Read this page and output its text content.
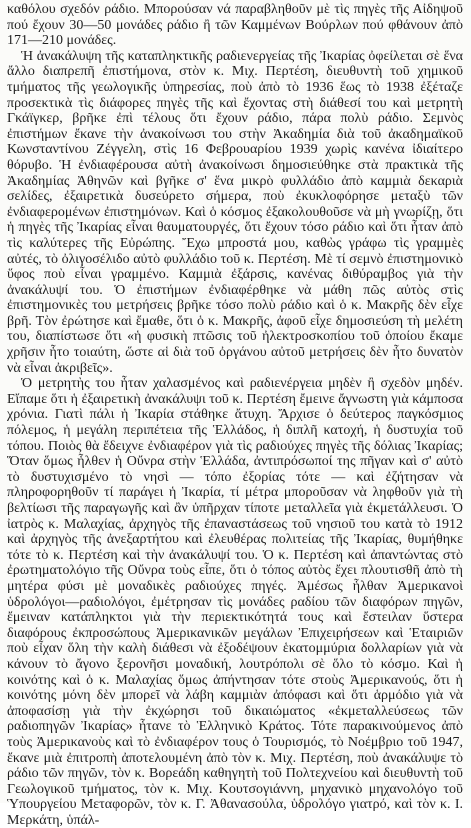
καθόλου σχεδόν ράδιο. Μπορούσαν νά παραβληθοῦν μὲ τὶς πηγὲς τῆς Αἰδηψοῦ πού ἔχουν 30—50 μονάδες ράδιο ἢ τῶν Καμμένων Βούρλων πού φθάνουν ἀπὸ 171—210 μονάδες.

Ἡ ἀνακάλυψη τῆς καταπληκτικῆς ραδιενεργείας τῆς Ἰκαρίας ὀφείλεται σὲ ἕνα ἄλλο διαπρεπῆ ἐπιστήμονα, στὸν κ. Μιχ. Περτέση, διευθυντὴ τοῦ χημικοῦ τμήματος τῆς γεωλογικῆς ὑπηρεσίας, ποὺ ἀπὸ τὸ 1936 ἕως τὸ 1938 ἐξέταζε προσεκτικὰ τὶς διάφορες πηγὲς τῆς καὶ ἔχοντας στὴ διάθεσί του καὶ μετρητὴ Γκάϊγκερ, βρῆκε ἐπὶ τέλους ὅτι ἔχουν ράδιο, πάρα πολὺ ράδιο. Σεμνὸς ἐπιστήμων ἔκανε τὴν ἀνακοίνωσι του στὴν Ἀκαδημία διὰ τοῦ ἀκαδημαϊκοῦ Κωνσταντίνου Ζέγγελη, στὶς 16 Φεβρουαρίου 1939 χωρὶς κανένα ἰδιαίτερο θόρυβο. Ἡ ἐνδιαφέρουσα αὐτὴ ἀνακοίνωσι δημοσιεύθηκε στὰ πρακτικὰ τῆς Ἀκαδημίας Ἀθηνῶν καὶ βγῆκε σ' ἕνα μικρὸ φυλλάδιο ἀπὸ καμμιὰ δεκαριὰ σελίδες, ἐξαιρετικὰ δυσεύρετο σήμερα, ποὺ ἐκυκλοφόρησε μεταξὺ τῶν ἐνδιαφερομένων ἐπιστημόνων. Καὶ ὁ κόσμος ἐξακολουθοῦσε νὰ μὴ γνωρίζῃ, ὅτι ἡ πηγὲς τῆς Ἰκαρίας εἶναι θαυματουργές, ὅτι ἔχουν τόσο ράδιο καὶ ὅτι ἦταν ἀπὸ τὶς καλύτερες τῆς Εὐρώπης. Ἔχω μπροστά μου, καθὼς γράφω τὶς γραμμὲς αὐτές, τὸ ὀλιγοσέλιδο αὐτὸ φυλλάδιο τοῦ κ. Περτέση. Μὲ τί σεμνὸ ἐπιστημονικὸ ὕφος ποὺ εἶναι γραμμένο. Καμμιὰ ἐξάρσις, κανένας διθύραμβος γιὰ τὴν ἀνακάλυψί του. Ὁ ἐπιστήμων ἐνδιαφέρθηκε νὰ μάθη πῶς αὐτὸς στὶς ἐπιστημονικὲς του μετρήσεις βρῆκε τόσο πολὺ ράδιο καὶ ὁ κ. Μακρῆς δὲν εἶχε βρῆ. Τὸν ἐρώτησε καὶ ἔμαθε, ὅτι ὁ κ. Μακρῆς, ἀφοῦ εἶχε δημοσιεύση τὴ μελέτη του, διαπίστωσε ὅτι «ἡ φυσικὴ πτῶσις τοῦ ἠλεκτροσκοπίου τοῦ ὁποίου ἔκαμε χρῆσιν ἦτο τοιαύτη, ὥστε αἱ διὰ τοῦ ὀργάνου αὐτοῦ μετρήσεις δὲν ἦτο δυνατὸν νὰ εἶναι ἀκριβεῖς».

Ὁ μετρητὴς του ἦταν χαλασμένος καὶ ραδιενέργεια μηδὲν ἢ σχεδὸν μηδέν. Εἴπαμε ὅτι ἡ ἐξαιρετικὴ ἀνακάλυψι τοῦ κ. Περτέση ἔμεινε ἄγνωστη γιὰ κάμποσα χρόνια. Γιατὶ πάλι ἡ Ἰκαρία στάθηκε ἄτυχη. Ἄρχισε ὁ δεύτερος παγκόσμιος πόλεμος, ἡ μεγάλη περιπέτεια τῆς Ἑλλάδος, ἡ διπλῆ κατοχή, ἡ δυστυχία τοῦ τόπου. Ποιὸς θὰ ἔδειχνε ἐνδιαφέρον γιὰ τὶς ραδιούχες πηγὲς τῆς δόλιας Ἰκαρίας; Ὅταν ὅμως ἦλθεν ἡ Οὔνρα στὴν Ἑλλάδα, ἀντιπρόσωποί της πῆγαν καὶ σ' αὐτὸ τὸ δυστυχισμένο τὸ νησὶ — τόπο ἐξορίας τότε — καὶ ἐζήτησαν νὰ πληροφορηθοῦν τί παράγει ἡ Ἰκαρία, τί μέτρα μποροῦσαν νὰ ληφθοῦν γιὰ τὴ βελτίωσι τῆς παραγωγῆς καὶ ἂν ὑπῆρχαν τίποτε μεταλλεῖα γιὰ ἐκμετάλλευσι. Ὁ ἰατρὸς κ. Μαλαχίας, ἀρχηγὸς τῆς ἐπαναστάσεως τοῦ νησιοῦ του κατὰ τὸ 1912 καὶ ἀρχηγὸς τῆς ἀνεξαρτήτου καὶ ἐλευθέρας πολιτείας τῆς Ἰκαρίας, θυμήθηκε τότε τὸ κ. Περτέση καὶ τὴν ἀνακάλυψί του. Ὁ κ. Περτέση καὶ ἀπαντώντας στὸ ἐρωτηματολόγιο τῆς Οὔνρα τοὺς εἶπε, ὅτι ὁ τόπος αὐτὸς ἔχει πλουτισθῆ ἀπὸ τὴ μητέρα φύσι μὲ μοναδικὲς ραδιούχες πηγές. Ἀμέσως ἦλθαν Ἀμερικανοὶ ὑδρολόγοι—ραδιολόγοι, ἐμέτρησαν τὶς μονάδες ραδίου τῶν διαφόρων πηγῶν, ἔμειναν κατάπληκτοι γιὰ τὴν περιεκτικότητά τους καὶ ἔστειλαν ὕστερα διαφόρους ἐκπροσώπους Ἀμερικανικῶν μεγάλων Ἐπιχειρήσεων καὶ Ἑταιριῶν ποὺ εἶχαν ὅλη τὴν καλὴ διάθεσι νὰ ἐξοδέψουν ἑκατομμύρια δολλαρίων γιὰ νὰ κάνουν τὸ ἄγονο ξερονῆσι μοναδική, λουτρόπολι σὲ ὅλο τὸ κόσμο. Καὶ ἡ κοινότης καὶ ὁ κ. Μαλαχίας ὅμως ἀπήντησαν τότε στοὺς Ἀμερικανούς, ὅτι ἡ κοινότης μόνη δὲν μπορεῖ νὰ λάβη καμμιὰν ἀπόφασι καὶ ὅτι ἁρμόδιο γιὰ νὰ ἀποφασίσῃ γιὰ τὴν ἐκχώρησι τοῦ δικαιώματος «ἐκμεταλλεύσεως τῶν ραδιοπηγῶν Ἰκαρίας» ἦτανε τὸ Ἑλληνικὸ Κράτος. Τότε παρακινούμενος ἀπὸ τοὺς Ἀμερικανοὺς καὶ τὸ ἐνδιαφέρον τους ὁ Τουρισμός, τὸ Νοέμβριο τοῦ 1947, ἔκανε μιὰ ἐπιτροπὴ ἀποτελουμένη ἀπὸ τὸν κ. Μιχ. Περτέση, ποὺ ἀνακάλυψε τὸ ράδιο τῶν πηγῶν, τὸν κ. Βορεάδη καθηγητὴ τοῦ Πολτεχνείου καὶ διευθυντὴ τοῦ Γεωλογικοῦ τμήματος, τὸν κ. Μιχ. Κουτσογιάννη, μηχανικὸ μηχανολόγο τοῦ Ὑπουργείου Μεταφορῶν, τὸν κ. Γ. Ἀθανασούλα, ὑδρολόγο γιατρό, καὶ τὸν κ. Ι. Μερκάτη, ὑπάλ-
